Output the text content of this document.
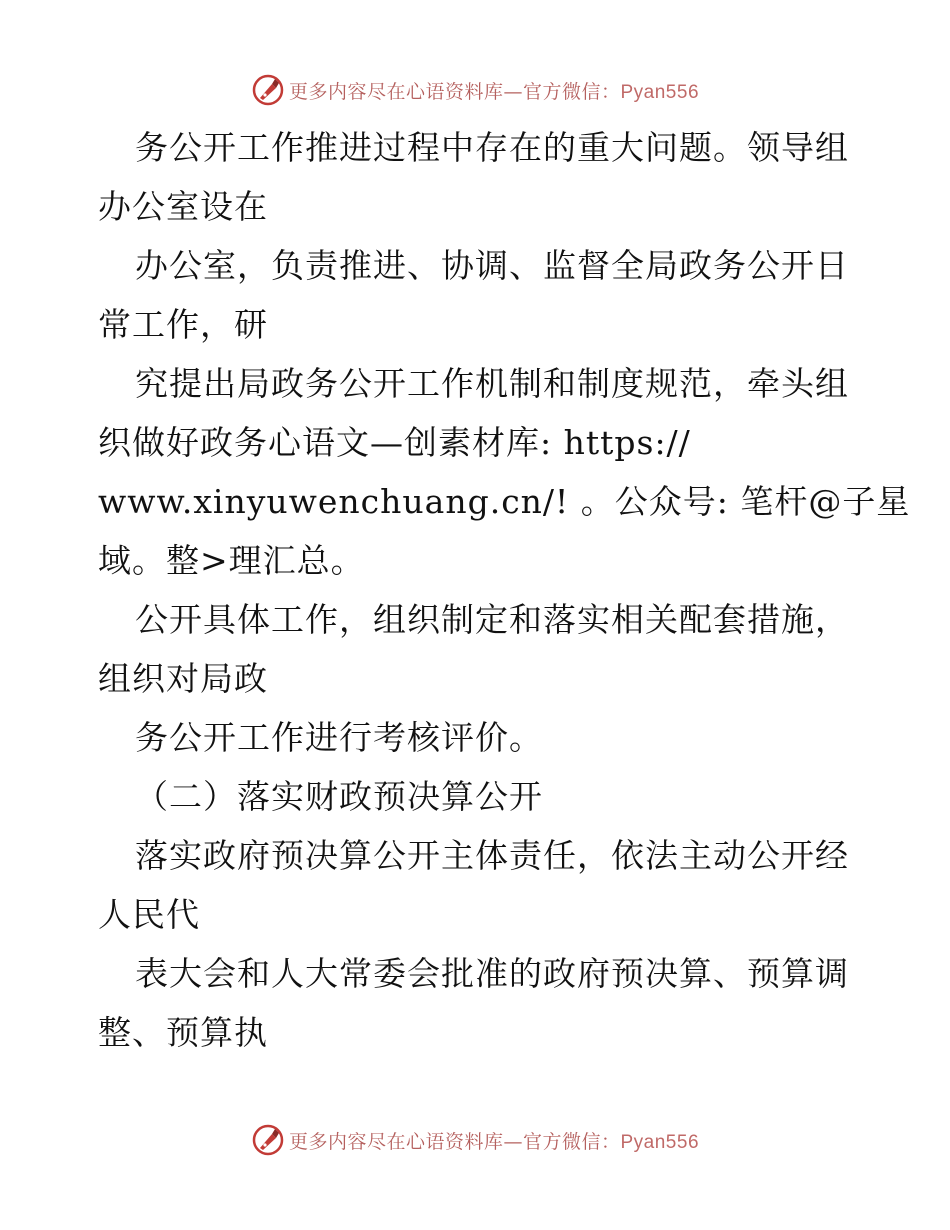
更多内容尽在心语资料库—官方微信：Pyan556
务公开工作推进过程中存在的重大问题。领导组
办公室设在
办公室，负责推进、协调、监督全局政务公开日
常工作，研
究提出局政务公开工作机制和制度规范，牵头组
织做好政务心语文—创素材库: https://
www.xinyuwenchuang.cn/! 。公众号: 笔杆@子星
域。整>理汇总。
公开具体工作，组织制定和落实相关配套措施，
组织对局政
务公开工作进行考核评价。
（二）落实财政预决算公开
落实政府预决算公开主体责任，依法主动公开经
人民代
表大会和人大常委会批准的政府预决算、预算调
整、预算执
更多内容尽在心语资料库—官方微信：Pyan556
